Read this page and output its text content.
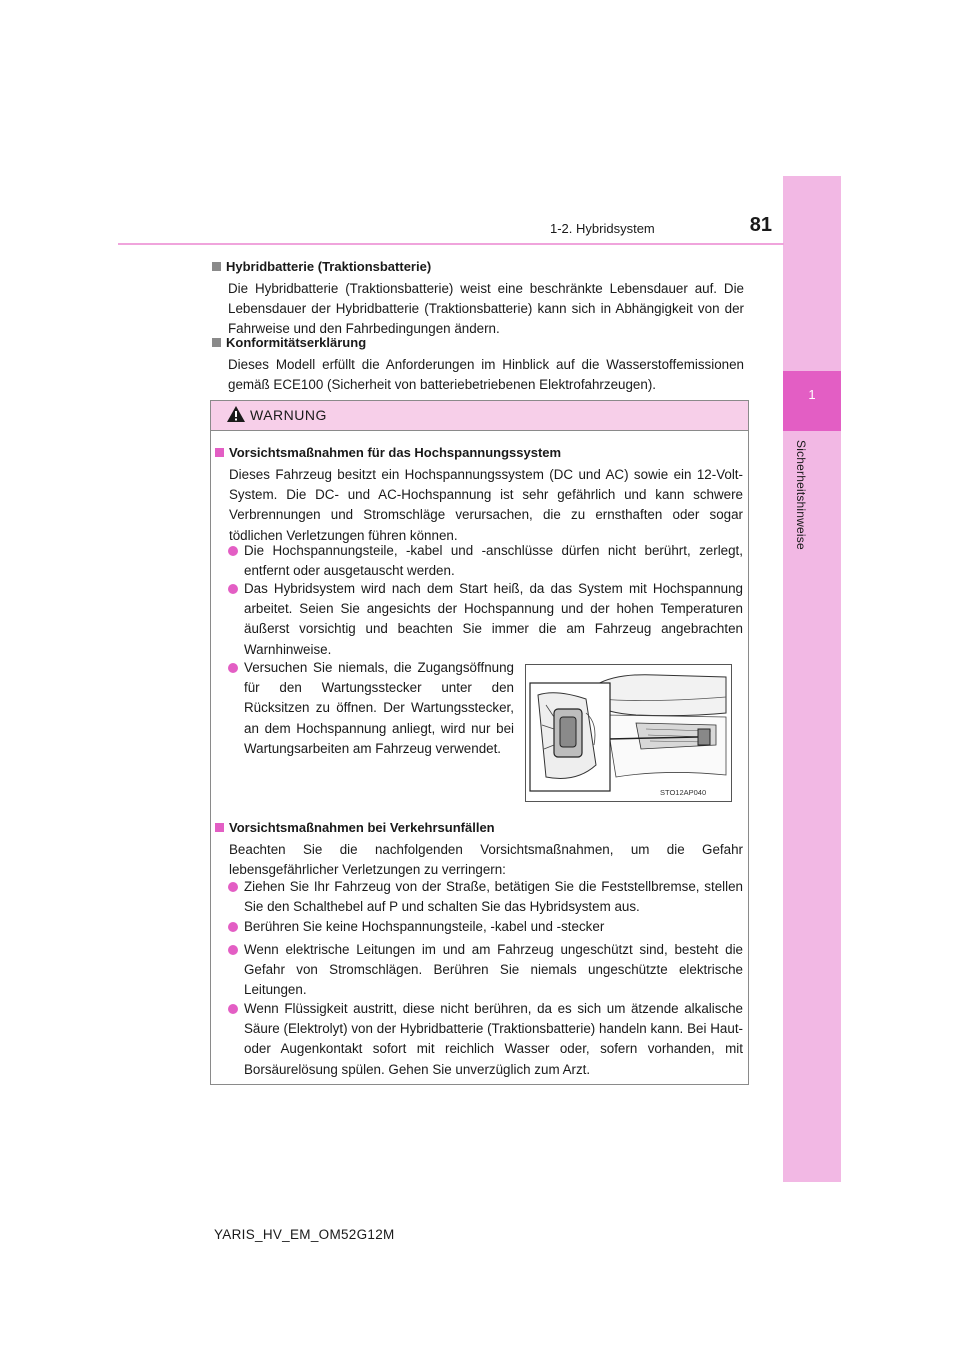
1
Sicherheitshinweise
1-2. Hybridsystem	81
Hybridbatterie (Traktionsbatterie)
Die Hybridbatterie (Traktionsbatterie) weist eine beschränkte Lebensdauer auf. Die Lebensdauer der Hybridbatterie (Traktionsbatterie) kann sich in Abhängigkeit von der Fahrweise und den Fahrbedingungen ändern.
Konformitätserklärung
Dieses Modell erfüllt die Anforderungen im Hinblick auf die Wasserstoffemissionen gemäß ECE100 (Sicherheit von batteriebetriebenen Elektrofahrzeugen).
WARNUNG
Vorsichtsmaßnahmen für das Hochspannungssystem
Dieses Fahrzeug besitzt ein Hochspannungssystem (DC und AC) sowie ein 12-Volt-System. Die DC- und AC-Hochspannung ist sehr gefährlich und kann schwere Verbrennungen und Stromschläge verursachen, die zu ernsthaften oder sogar tödlichen Verletzungen führen können.
Die Hochspannungsteile, -kabel und -anschlüsse dürfen nicht berührt, zerlegt, entfernt oder ausgetauscht werden.
Das Hybridsystem wird nach dem Start heiß, da das System mit Hochspannung arbeitet. Seien Sie angesichts der Hochspannung und der hohen Temperaturen äußerst vorsichtig und beachten Sie immer die am Fahrzeug angebrachten Warnhinweise.
Versuchen Sie niemals, die Zugangsöffnung für den Wartungsstecker unter den Rücksitzen zu öffnen. Der Wartungsstecker, an dem Hochspannung anliegt, wird nur bei Wartungsarbeiten am Fahrzeug verwendet.
STO12AP040
Vorsichtsmaßnahmen bei Verkehrsunfällen
Beachten Sie die nachfolgenden Vorsichtsmaßnahmen, um die Gefahr lebensgefährlicher Verletzungen zu verringern:
Ziehen Sie Ihr Fahrzeug von der Straße, betätigen Sie die Feststellbremse, stellen Sie den Schalthebel auf P und schalten Sie das Hybridsystem aus.
Berühren Sie keine Hochspannungsteile, -kabel und -stecker
Wenn elektrische Leitungen im und am Fahrzeug ungeschützt sind, besteht die Gefahr von Stromschlägen. Berühren Sie niemals ungeschützte elektrische Leitungen.
Wenn Flüssigkeit austritt, diese nicht berühren, da es sich um ätzende alkalische Säure (Elektrolyt) von der Hybridbatterie (Traktionsbatterie) handeln kann. Bei Haut- oder Augenkontakt sofort mit reichlich Wasser oder, sofern vorhanden, mit Borsäurelösung spülen. Gehen Sie unverzüglich zum Arzt.
YARIS_HV_EM_OM52G12M
